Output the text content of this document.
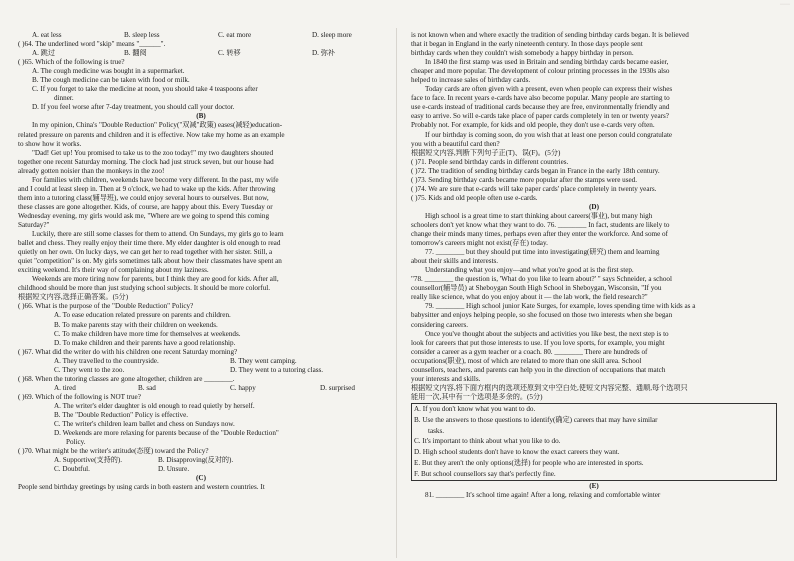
·····
A. eat less	B. sleep less	C. eat more	D. sleep more
( )64. The underlined word "skip" means "______".
A. 跳过	B. 翻阅	C. 转移	D. 弥补
( )65. Which of the following is true?
A. The cough medicine was bought in a supermarket.
B. The cough medicine can be taken with food or milk.
C. If you forget to take the medicine at noon, you should take 4 teaspoons after
dinner.
D. If you feel worse after 7-day treatment, you should call your doctor.
(B)
In my opinion, China's "Double Reduction" Policy("双减"政策) eases(减轻)education-
related pressure on parents and children and it is effective. Now take my home as an example
to show how it works.
"Dad! Get up! You promised to take us to the zoo today!" my two daughters shouted
together one recent Saturday morning. The clock had just struck seven, but our house had
already gotten noisier than the monkeys in the zoo!
For families with children, weekends have become very different. In the past, my wife
and I could at least sleep in. Then at 9 o'clock, we had to wake up the kids. After throwing
them into a tutoring class(辅导班), we could enjoy several hours to ourselves. But now,
these classes are gone altogether. Kids, of course, are happy about this. Every Tuesday or
Wednesday evening, my girls would ask me, "Where are we going to spend this coming
Saturday?"
Luckily, there are still some classes for them to attend. On Sundays, my girls go to learn
ballet and chess. They really enjoy their time there. My elder daughter is old enough to read
quietly on her own. On lucky days, we can get her to read together with her sister. Still, a
quiet "competition" is on. My girls sometimes talk about how their classmates have spent an
exciting weekend. It's their way of complaining about my laziness.
Weekends are more tiring now for parents, but I think they are good for kids. After all,
childhood should be more than just studying school subjects. It should be more colorful.
根据短文内容,选择正确答案。(5分)
( )66. What is the purpose of the "Double Reduction" Policy?
A. To ease education related pressure on parents and children.
B. To make parents stay with their children on weekends.
C. To make children have more time for themselves at weekends.
D. To make children and their parents have a good relationship.
( )67. What did the writer do with his children one recent Saturday morning?
A. They travelled to the countryside.	B. They went camping.
C. They went to the zoo.	D. They went to a tutoring class.
( )68. When the tutoring classes are gone altogether, children are ________.
A. tired	B. sad	C. happy	D. surprised
( )69. Which of the following is NOT true?
A. The writer's elder daughter is old enough to read quietly by herself.
B. The "Double Reduction" Policy is effective.
C. The writer's children learn ballet and chess on Sundays now.
D. Weekends are more relaxing for parents because of the "Double Reduction"
Policy.
( )70. What might be the writer's attitude(态度) toward the Policy?
A. Supportive(支持的).	B. Disapproving(反对的).
C. Doubtful.	D. Unsure.
(C)
People send birthday greetings by using cards in both eastern and western countries. It
is not known when and where exactly the tradition of sending birthday cards began. It is believed
that it began in England in the early nineteenth century. In those days people sent
birthday cards when they couldn't wish somebody a happy birthday in person.
In 1840 the first stamp was used in Britain and sending birthday cards became easier,
cheaper and more popular. The development of colour printing processes in the 1930s also
helped to increase sales of birthday cards.
Today cards are often given with a present, even when people can express their wishes
face to face. In recent years e-cards have also become popular. Many people are starting to
use e-cards instead of traditional cards because they are free, environmentally friendly and
easy to arrive. So will e-cards take place of paper cards completely in ten or twenty years?
Probably not. For example, for kids and old people, they don't use e-cards very often.
If our birthday is coming soon, do you wish that at least one person could congratulate
you with a beautiful card then?
根据短文内容,判断下列句子正(T)、误(F)。(5分)
( )71. People send birthday cards in different countries.
( )72. The tradition of sending birthday cards began in France in the early 18th century.
( )73. Sending birthday cards became more popular after the stamps were used.
( )74. We are sure that e-cards will take paper cards' place completely in twenty years.
( )75. Kids and old people often use e-cards.
(D)
High school is a great time to start thinking about careers(事业), but many high
schoolers don't yet know what they want to do. 76. ________ In fact, students are likely to
change their minds many times, perhaps even after they enter the workforce. And some of
tomorrow's careers might not exist(存在) today.
77. ________ but they should put time into investigating(研究) them and learning
about their skills and interests.
Understanding what you enjoy—and what you're good at is the first step.
"78. ________ the question is, 'What do you like to learn about?' " says Schneider, a school
counsellor(辅导员) at Sheboygan South High School in Sheboygan, Wisconsin, "If you
really like science, what do you enjoy about it — the lab work, the field research?"
79. ________ High school junior Kate Surges, for example, loves spending time with kids as a
babysitter and enjoys helping people, so she focused on those two interests when she began
considering careers.
Once you've thought about the subjects and activities you like best, the next step is to
look for careers that put those interests to use. If you love sports, for example, you might
consider a career as a gym teacher or a coach. 80. ________ There are hundreds of
occupations(职业), most of which are related to more than one skill area. School
counsellors, teachers, and parents can help you in the direction of occupations that match
your interests and skills.
根据短文内容,将下面方框内的选项还原到文中空白处,使短文内容完整、通顺,每个选项只
能用一次,其中有一个选项是多余的。(5分)
A. If you don't know what you want to do.
B. Use the answers to those questions to identify(确定) careers that may have similar
tasks.
C. It's important to think about what you like to do.
D. High school students don't have to know the exact careers they want.
E. But they aren't the only options(选择) for people who are interested in sports.
F. But school counsellors say that's perfectly fine.
(E)
81. ________ It's school time again! After a long, relaxing and comfortable winter
